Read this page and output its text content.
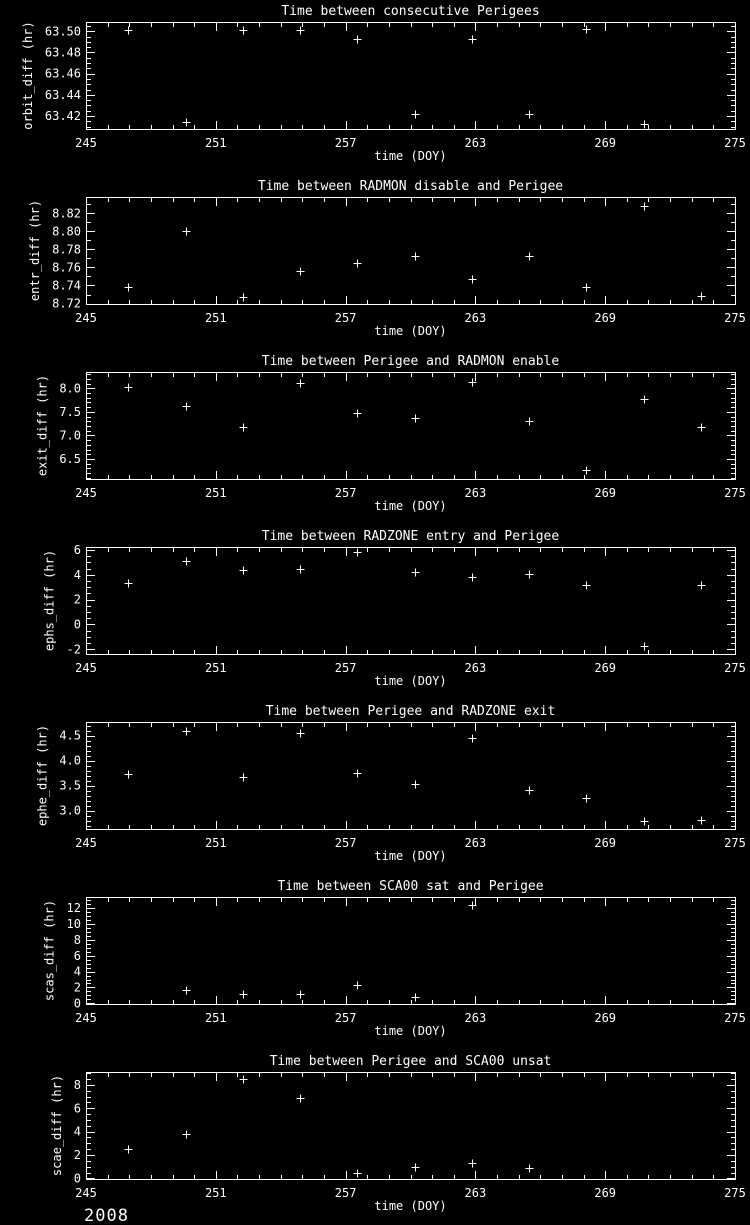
Time between consecutive Perigees
245	251	257	263	269	275
63.42
63.44
63.46
63.48
63.50
time (DOY)
orbit_diff (hr)
Time between RADMON disable and Perigee
245	251	257	263	269	275
8.72
8.74
8.76
8.78
8.80
8.82
time (DOY)
entr_diff (hr)
Time between Perigee and RADMON enable
245	251	257	263	269	275
6.5
7.0
7.5
8.0
time (DOY)
exit_diff (hr)
Time between RADZONE entry and Perigee
245	251	257	263	269	275
-2
0
2
4
6
time (DOY)
ephs_diff (hr)
Time between Perigee and RADZONE exit
245	251	257	263	269	275
3.0
3.5
4.0
4.5
time (DOY)
ephe_diff (hr)
Time between SCA00 sat and Perigee
245	251	257	263	269	275
0
2
4
6
8
10
12
time (DOY)
scas_diff (hr)
Time between Perigee and SCA00 unsat
245	251	257	263	269	275
0
2
4
6
8
time (DOY)
scae_diff (hr)
2008
